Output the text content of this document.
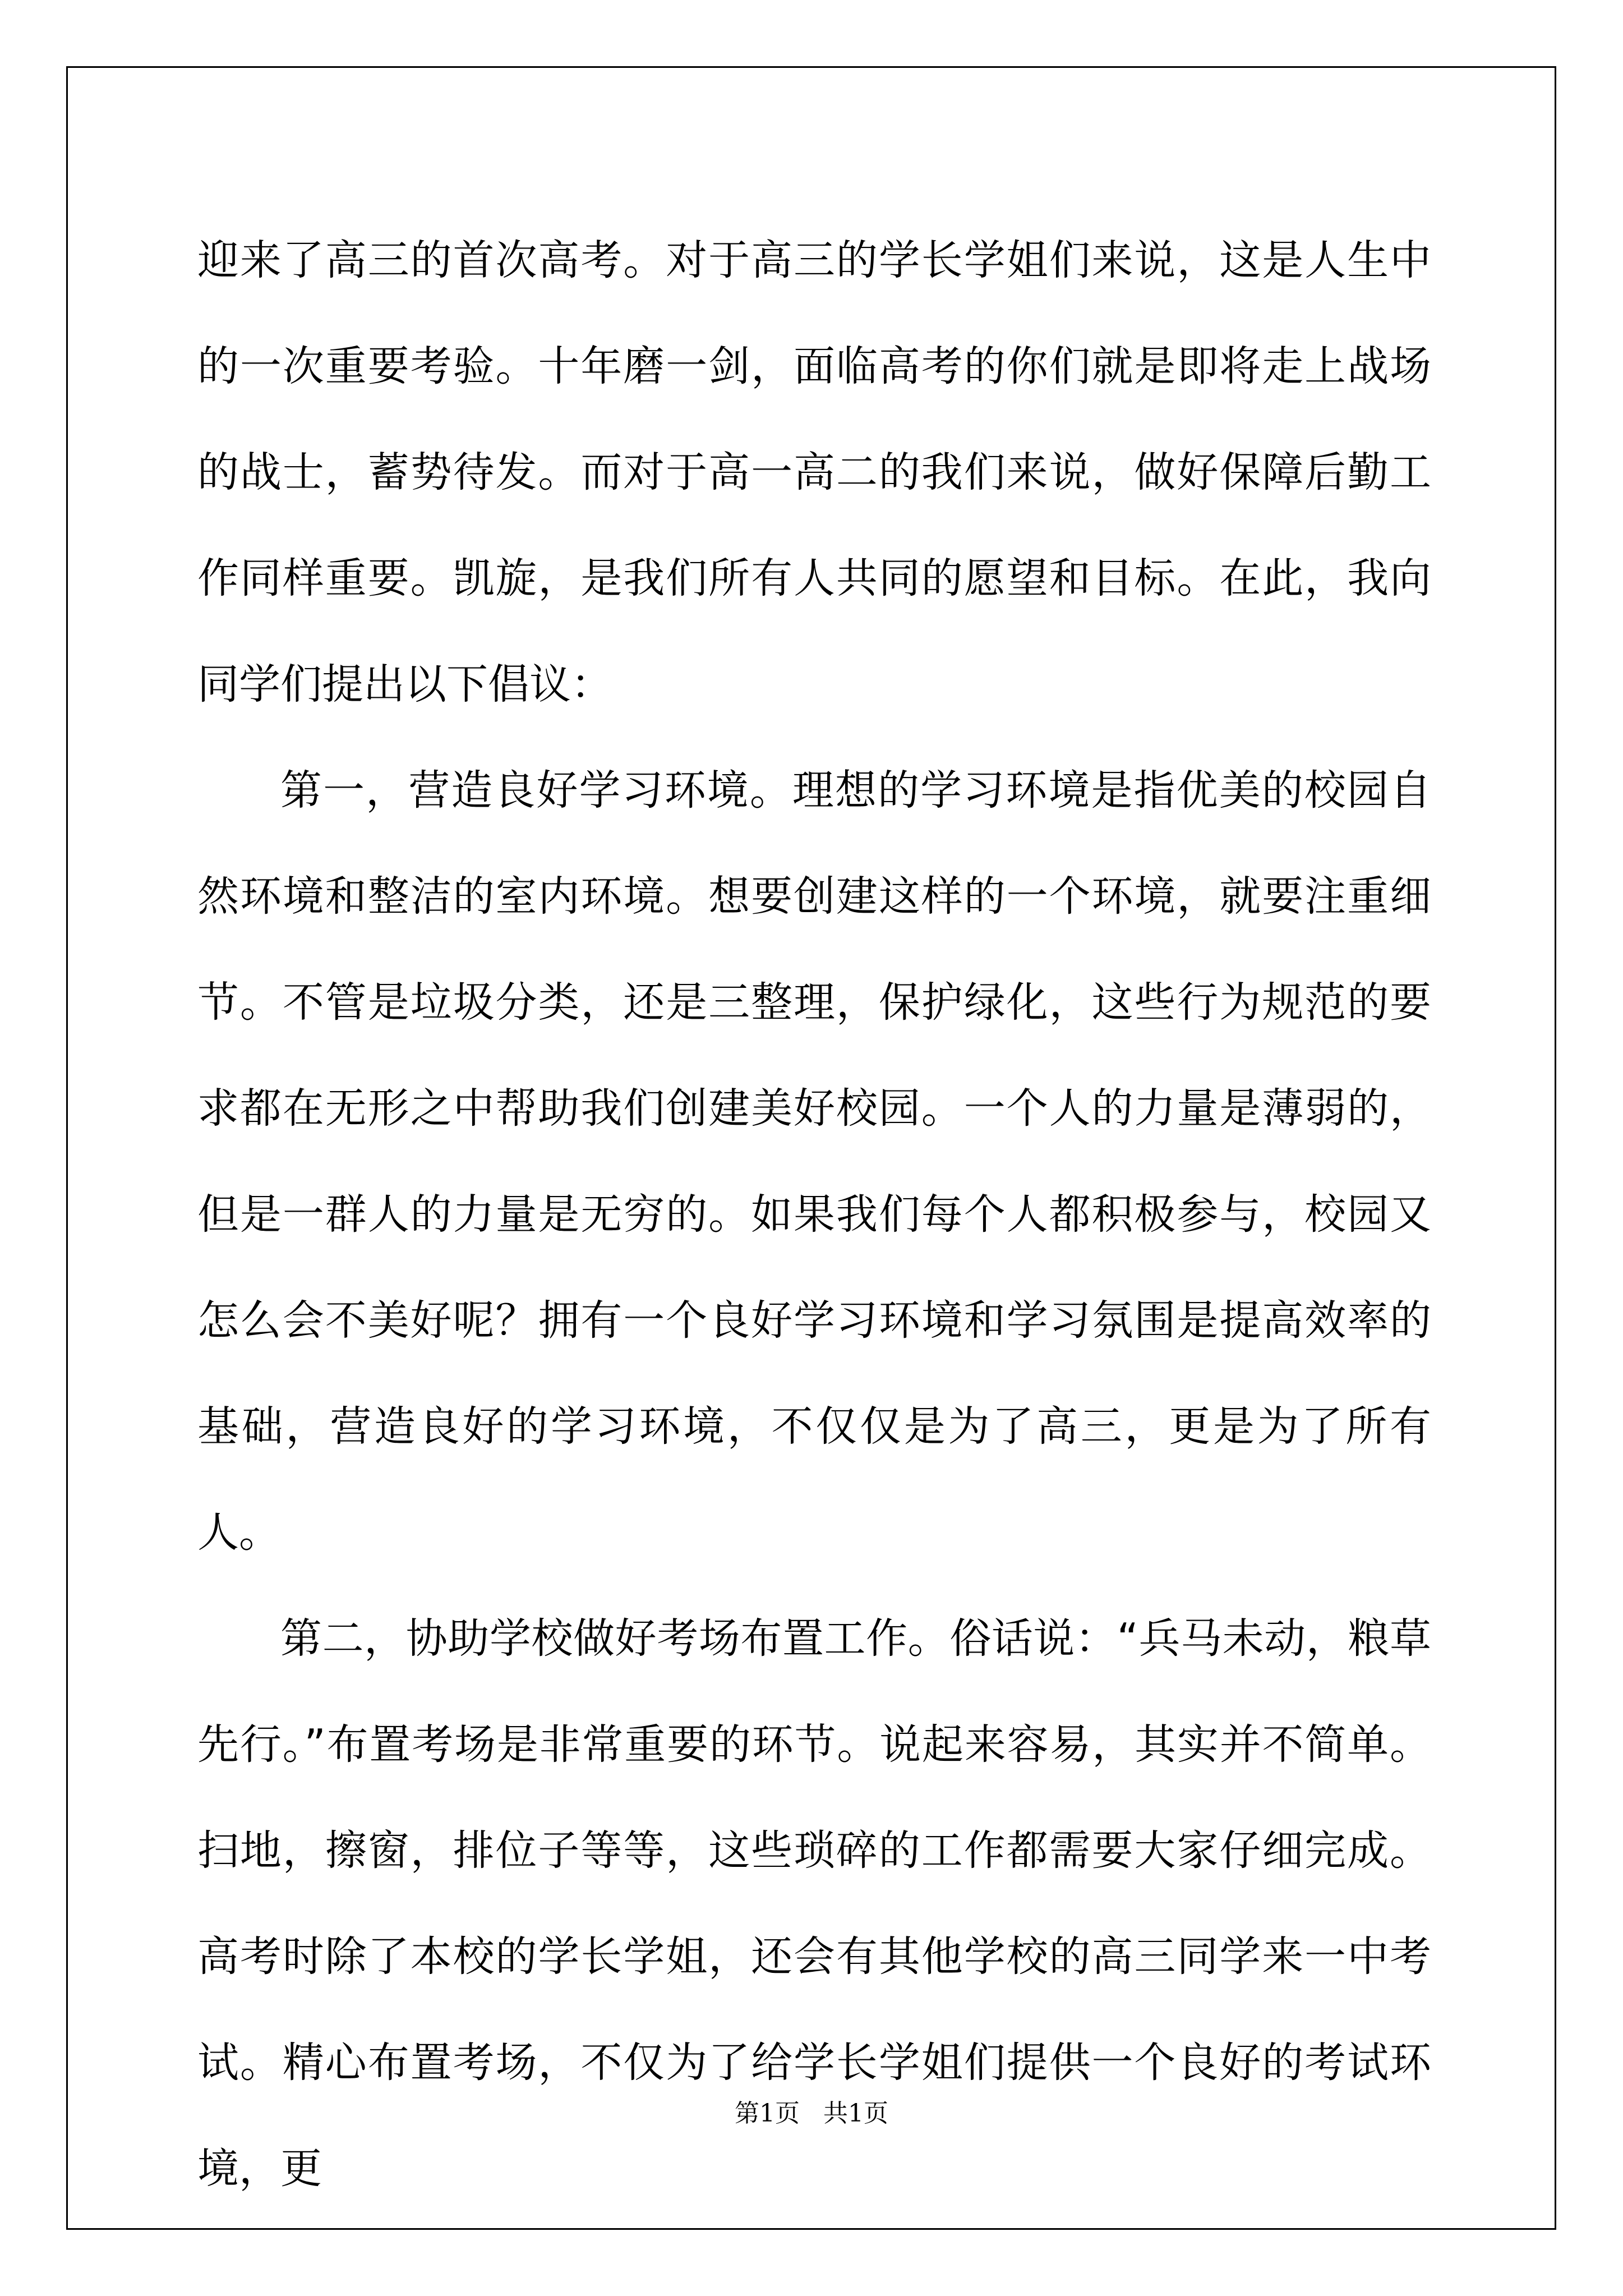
迎来了高三的首次高考。对于高三的学长学姐们来说，这是人生中的一次重要考验。十年磨一剑，面临高考的你们就是即将走上战场的战士，蓄势待发。而对于高一高二的我们来说，做好保障后勤工作同样重要。凯旋，是我们所有人共同的愿望和目标。在此，我向同学们提出以下倡议：

第一，营造良好学习环境。理想的学习环境是指优美的校园自然环境和整洁的室内环境。想要创建这样的一个环境，就要注重细节。不管是垃圾分类，还是三整理，保护绿化，这些行为规范的要求都在无形之中帮助我们创建美好校园。一个人的力量是薄弱的，但是一群人的力量是无穷的。如果我们每个人都积极参与，校园又怎么会不美好呢？拥有一个良好学习环境和学习氛围是提高效率的基础，营造良好的学习环境，不仅仅是为了高三，更是为了所有人。

第二，协助学校做好考场布置工作。俗话说：“兵马未动，粮草先行。”布置考场是非常重要的环节。说起来容易，其实并不简单。扫地，擦窗，排位子等等，这些琐碎的工作都需要大家仔细完成。高考时除了本校的学长学姐，还会有其他学校的高三同学来一中考试。精心布置考场，不仅为了给学长学姐们提供一个良好的考试环境，更

第1页 共1页
